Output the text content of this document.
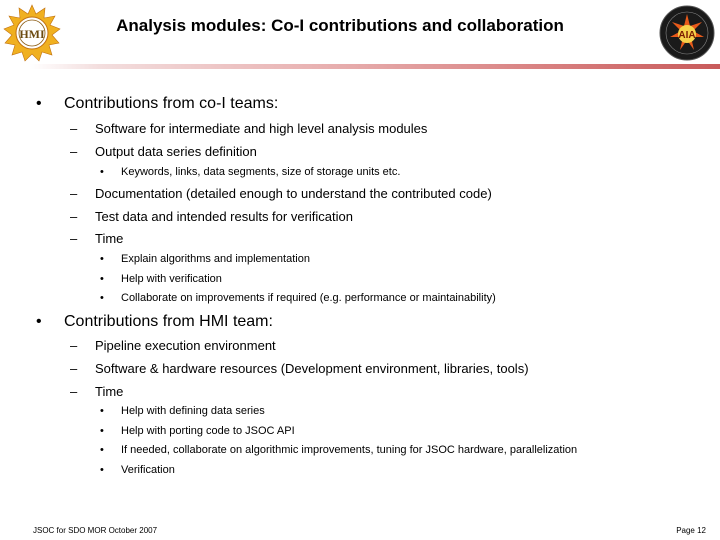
HMI	AIA
Analysis modules: Co-I contributions and collaboration
• Contributions from co-I teams:
– Software for intermediate and high level analysis modules
– Output data series definition
• Keywords, links, data segments, size of storage units etc.
– Documentation (detailed enough to understand the contributed code)
– Test data and intended results for verification
– Time
• Explain algorithms and implementation
• Help with verification
• Collaborate on improvements if required (e.g. performance or maintainability)
• Contributions from HMI team:
– Pipeline execution environment
– Software & hardware resources (Development environment, libraries, tools)
– Time
• Help with defining data series
• Help with porting code to JSOC API
• If needed, collaborate on algorithmic improvements, tuning for JSOC hardware, parallelization
• Verification
JSOC for SDO MOR October 2007	Page 12
